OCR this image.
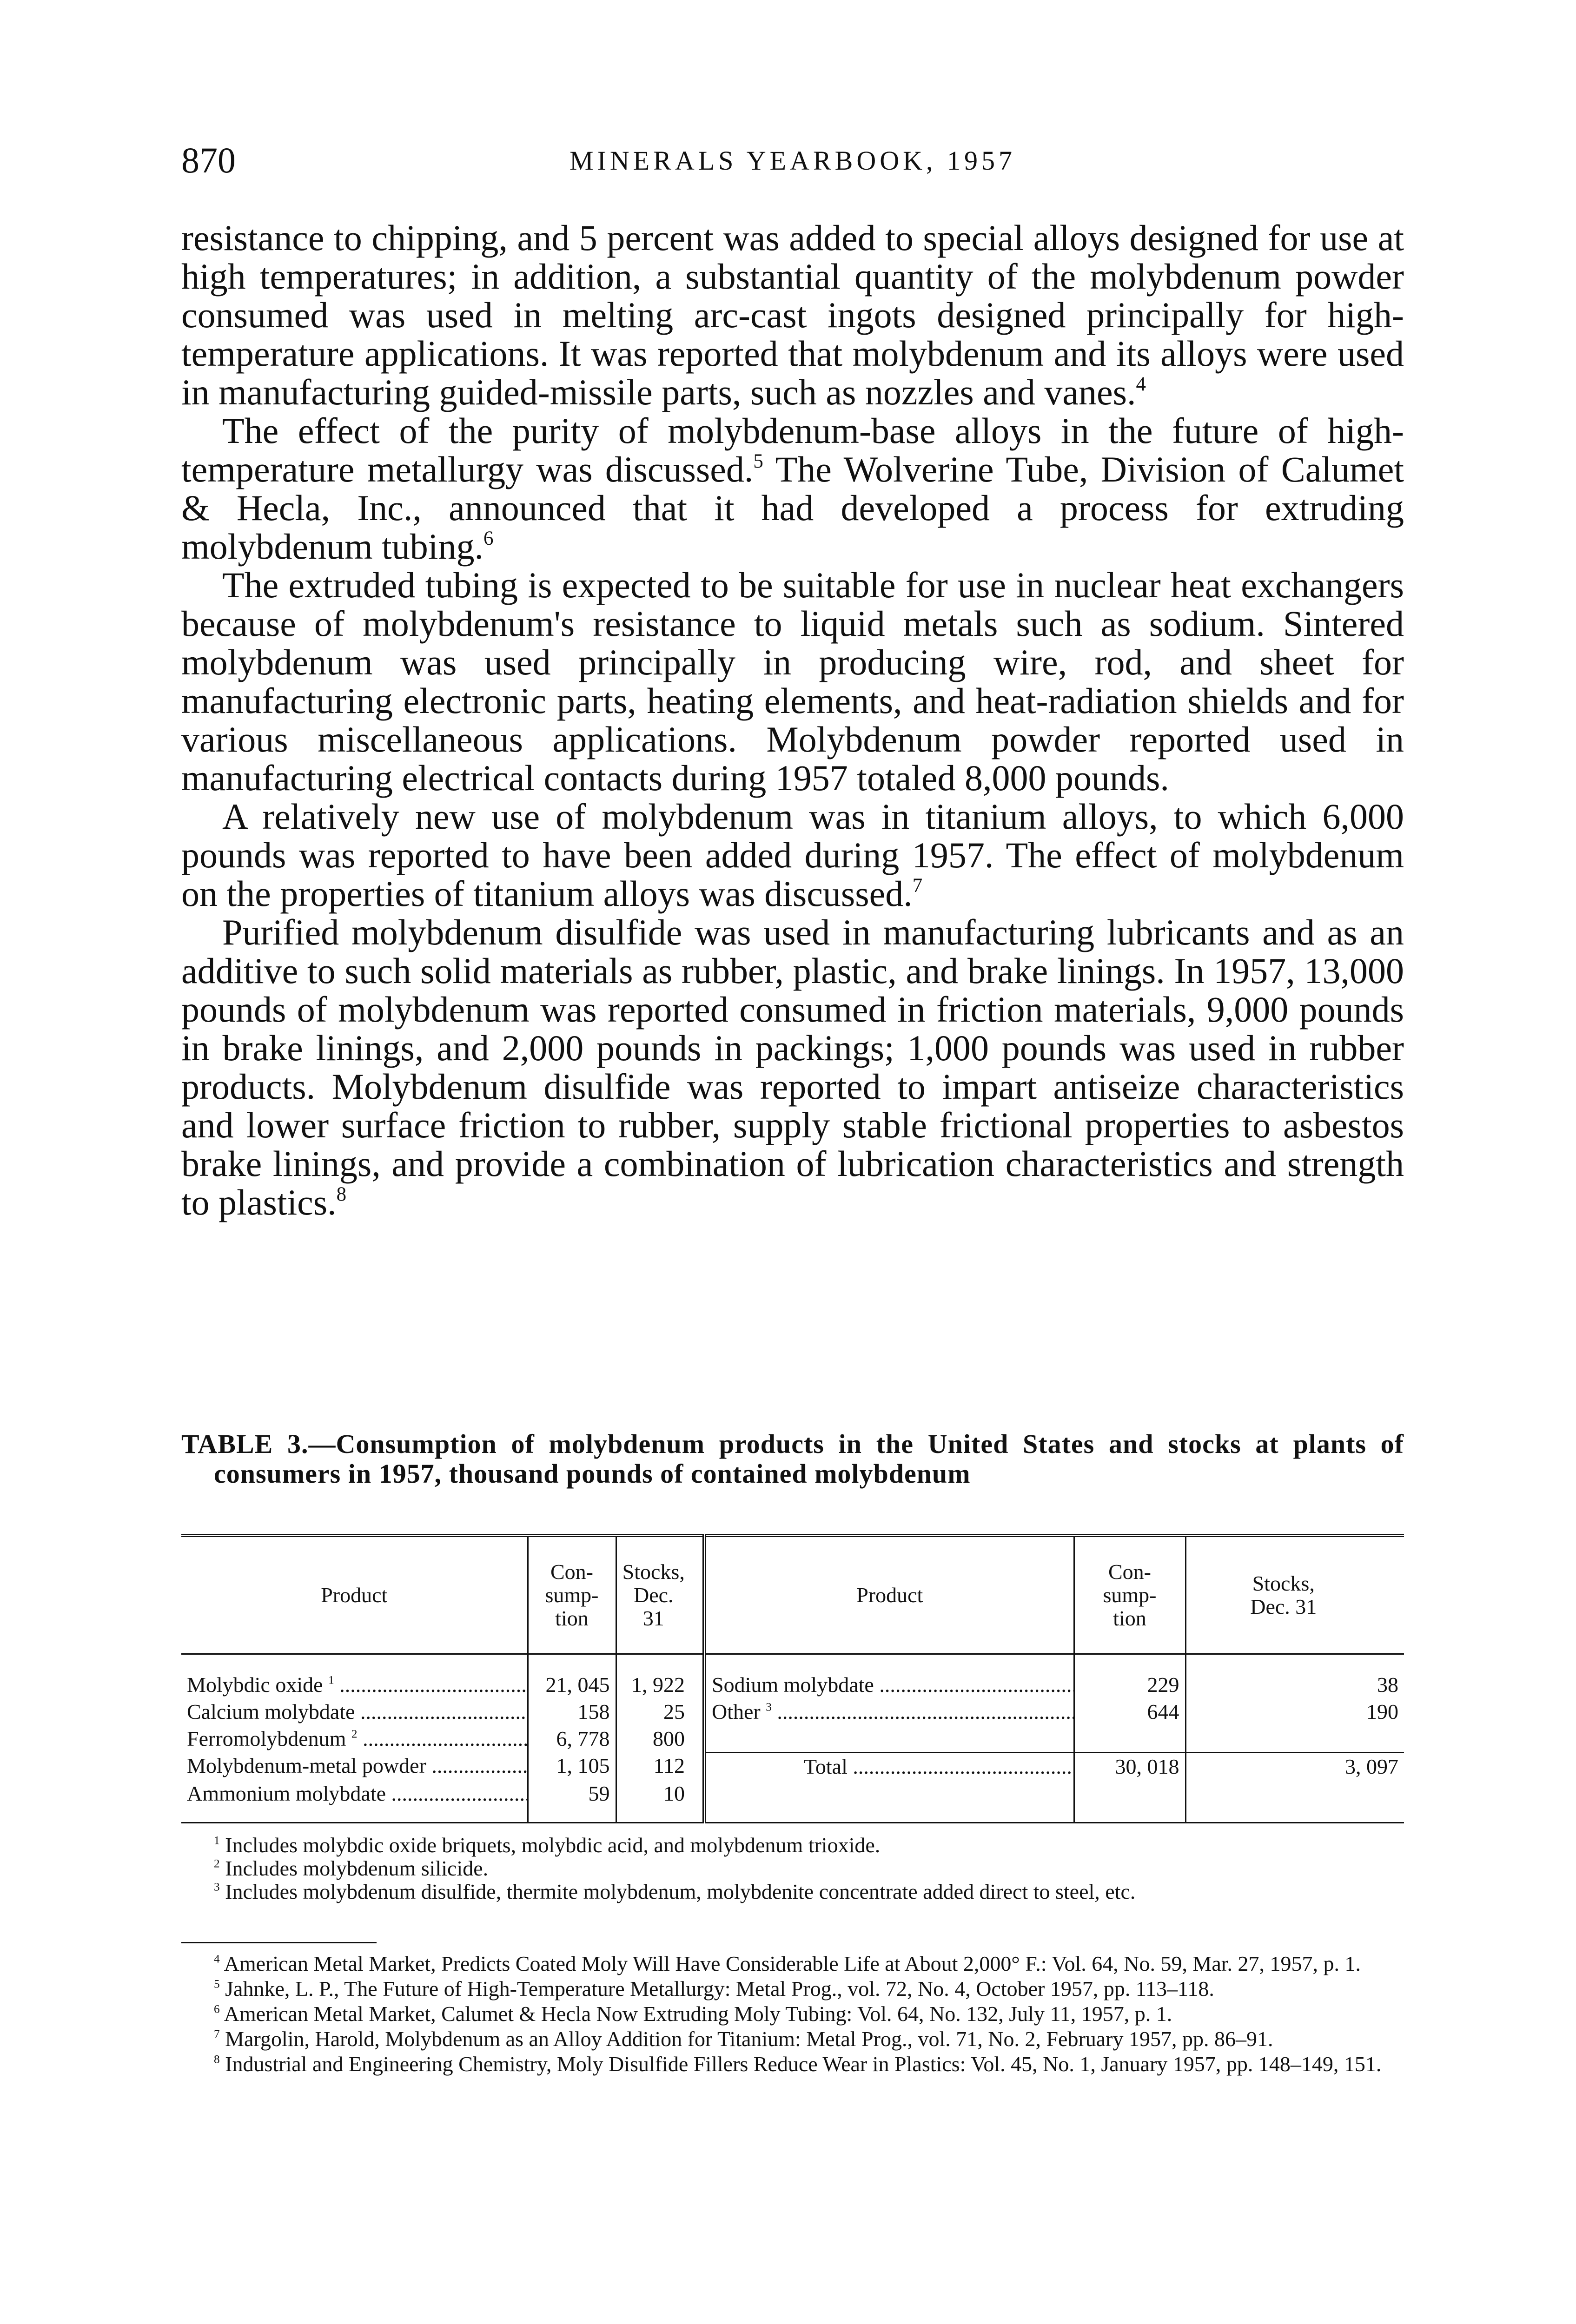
870	MINERALS YEARBOOK, 1957

resistance to chipping, and 5 percent was added to special alloys designed for use at high temperatures; in addition, a substantial quantity of the molybdenum powder consumed was used in melting arc-cast ingots designed principally for high-temperature applications. It was reported that molybdenum and its alloys were used in manufacturing guided-missile parts, such as nozzles and vanes.$^4$

The effect of the purity of molybdenum-base alloys in the future of high-temperature metallurgy was discussed.$^5$ The Wolverine Tube, Division of Calumet & Hecla, Inc., announced that it had developed a process for extruding molybdenum tubing.$^6$

The extruded tubing is expected to be suitable for use in nuclear heat exchangers because of molybdenum's resistance to liquid metals such as sodium. Sintered molybdenum was used principally in producing wire, rod, and sheet for manufacturing electronic parts, heating elements, and heat-radiation shields and for various miscellaneous applications. Molybdenum powder reported used in manufacturing electrical contacts during 1957 totaled 8,000 pounds.

A relatively new use of molybdenum was in titanium alloys, to which 6,000 pounds was reported to have been added during 1957. The effect of molybdenum on the properties of titanium alloys was discussed.$^7$

Purified molybdenum disulfide was used in manufacturing lubricants and as an additive to such solid materials as rubber, plastic, and brake linings. In 1957, 13,000 pounds of molybdenum was reported consumed in friction materials, 9,000 pounds in brake linings, and 2,000 pounds in packings; 1,000 pounds was used in rubber products. Molybdenum disulfide was reported to impart antiseize characteristics and lower surface friction to rubber, supply stable frictional properties to asbestos brake linings, and provide a combination of lubrication characteristics and strength to plastics.$^8$

TABLE 3.—Consumption of molybdenum products in the United States and stocks at plants of consumers in 1957, thousand pounds of contained molybdenum
Product	Con-
sump-
tion	Stocks,
Dec. 31		Product	Con-
sump-
tion	Stocks,
Dec. 31
Molybdic oxide $^1$ .....	21, 045	1, 922		Sodium molybdate .....	229	38
Calcium molybdate .....	158	25		Other $^3$ .....	644	190
Ferromolybdenum $^2$ .....	6, 778	800				
Molybdenum-metal powder .....	1, 105	112		Total .....	30, 018	3, 097
Ammonium molybdate .....	59	10				

$^1$ Includes molybdic oxide briquets, molybdic acid, and molybdenum trioxide.

$^2$ Includes molybdenum silicide.

$^3$ Includes molybdenum disulfide, thermite molybdenum, molybdenite concentrate added direct to steel, etc.

$^4$ American Metal Market, Predicts Coated Moly Will Have Considerable Life at About 2,000° F.: Vol. 64, No. 59, Mar. 27, 1957, p. 1.

$^5$ Jahnke, L. P., The Future of High-Temperature Metallurgy: Metal Prog., vol. 72, No. 4, October 1957, pp. 113–118.

$^6$ American Metal Market, Calumet & Hecla Now Extruding Moly Tubing: Vol. 64, No. 132, July 11, 1957, p. 1.

$^7$ Margolin, Harold, Molybdenum as an Alloy Addition for Titanium: Metal Prog., vol. 71, No. 2, February 1957, pp. 86–91.

$^8$ Industrial and Engineering Chemistry, Moly Disulfide Fillers Reduce Wear in Plastics: Vol. 45, No. 1, January 1957, pp. 148–149, 151.
